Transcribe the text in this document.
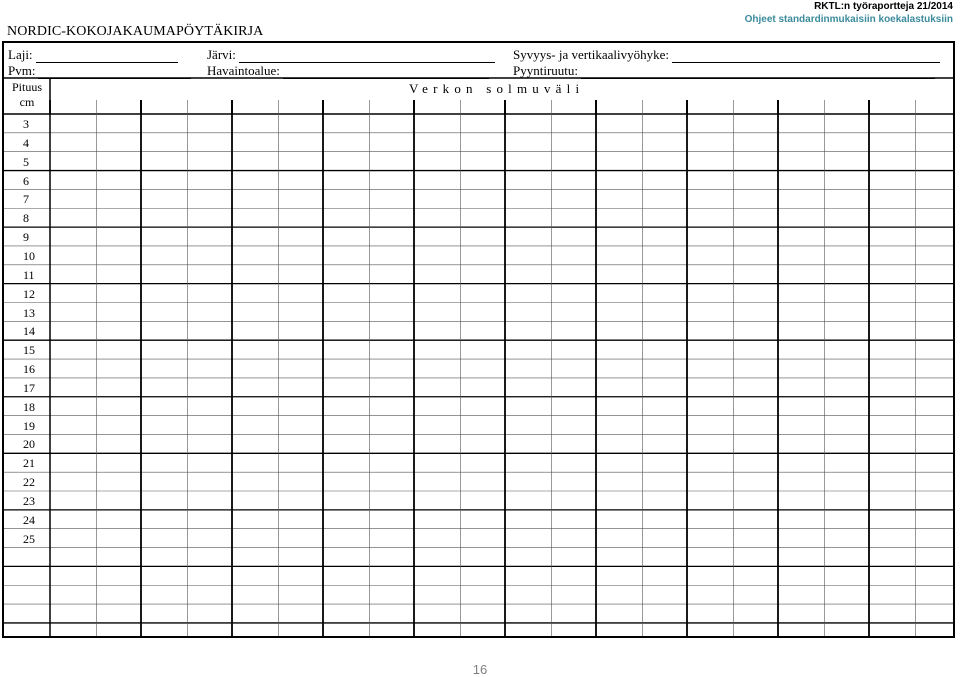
NORDIC-KOKOJAKAUMAPÖYTÄKIRJA
RKTL:n työraportteja 21/2014
Ohjeet standardinmukaisiin koekalastuksiin
Laji:	Järvi:	Syvyys- ja vertikaalivyöhyke:
Pvm:	Havaintoalue:	Pyyntiruutu:
Pituus
cm
Verkon solmuväli
3
4
5
6
7
8
9
10
11
12
13
14
15
16
17
18
19
20
21
22
23
24
25
16
